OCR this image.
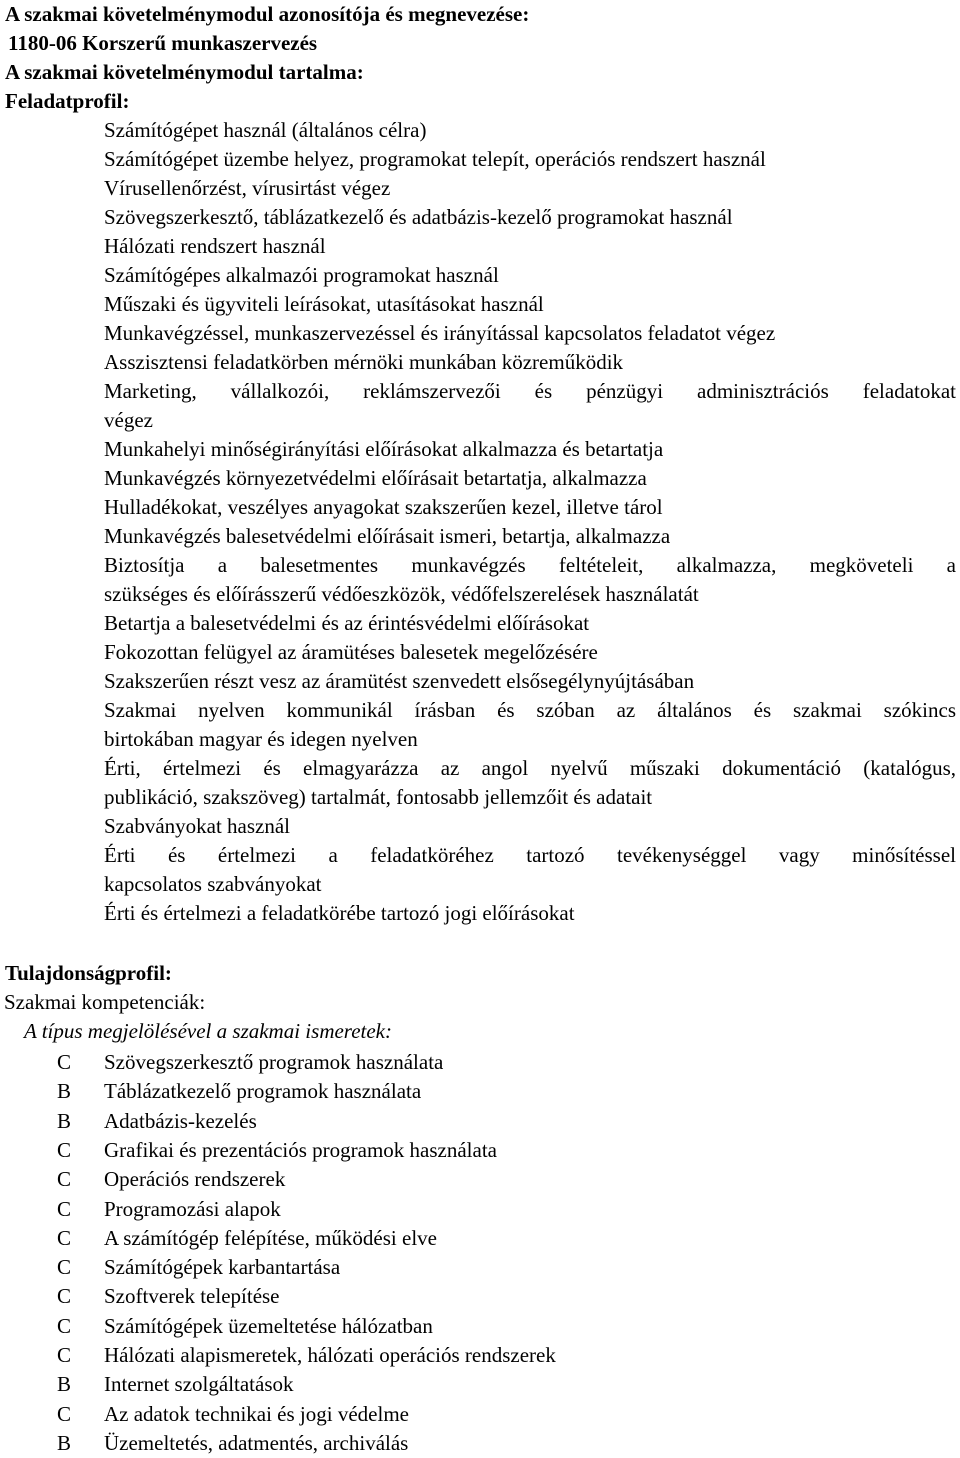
A szakmai követelménymodul azonosítója és megnevezése:
1180-06 Korszerű munkaszervezés
A szakmai követelménymodul tartalma:
Feladatprofil:
Számítógépet használ (általános célra)
Számítógépet üzembe helyez, programokat telepít, operációs rendszert használ
Vírusellenőrzést, vírusirtást végez
Szövegszerkesztő, táblázatkezelő és adatbázis-kezelő programokat használ
Hálózati rendszert használ
Számítógépes alkalmazói programokat használ
Műszaki és ügyviteli leírásokat, utasításokat használ
Munkavégzéssel, munkaszervezéssel és irányítással kapcsolatos feladatot végez
Asszisztensi feladatkörben mérnöki munkában közreműködik
Marketing, vállalkozói, reklámszervezői és pénzügyi adminisztrációs feladatokat
végez
Munkahelyi minőségirányítási előírásokat alkalmazza és betartatja
Munkavégzés környezetvédelmi előírásait betartatja, alkalmazza
Hulladékokat, veszélyes anyagokat szakszerűen kezel, illetve tárol
Munkavégzés balesetvédelmi előírásait ismeri, betartja, alkalmazza
Biztosítja a balesetmentes munkavégzés feltételeit, alkalmazza, megköveteli a
szükséges és előírásszerű védőeszközök, védőfelszerelések használatát
Betartja a balesetvédelmi és az érintésvédelmi előírásokat
Fokozottan felügyel az áramütéses balesetek megelőzésére
Szakszerűen részt vesz az áramütést szenvedett elsősegélynyújtásában
Szakmai nyelven kommunikál írásban és szóban az általános és szakmai szókincs
birtokában magyar és idegen nyelven
Érti, értelmezi és elmagyarázza az angol nyelvű műszaki dokumentáció (katalógus,
publikáció, szakszöveg) tartalmát, fontosabb jellemzőit és adatait
Szabványokat használ
Érti és értelmezi a feladatköréhez tartozó tevékenységgel vagy minősítéssel
kapcsolatos szabványokat
Érti és értelmezi a feladatkörébe tartozó jogi előírásokat
Tulajdonságprofil:
Szakmai kompetenciák:
A típus megjelölésével a szakmai ismeretek:
C Szövegszerkesztő programok használata
B Táblázatkezelő programok használata
B Adatbázis-kezelés
C Grafikai és prezentációs programok használata
C Operációs rendszerek
C Programozási alapok
C A számítógép felépítése, működési elve
C Számítógépek karbantartása
C Szoftverek telepítése
C Számítógépek üzemeltetése hálózatban
C Hálózati alapismeretek, hálózati operációs rendszerek
B Internet szolgáltatások
C Az adatok technikai és jogi védelme
B Üzemeltetés, adatmentés, archiválás
